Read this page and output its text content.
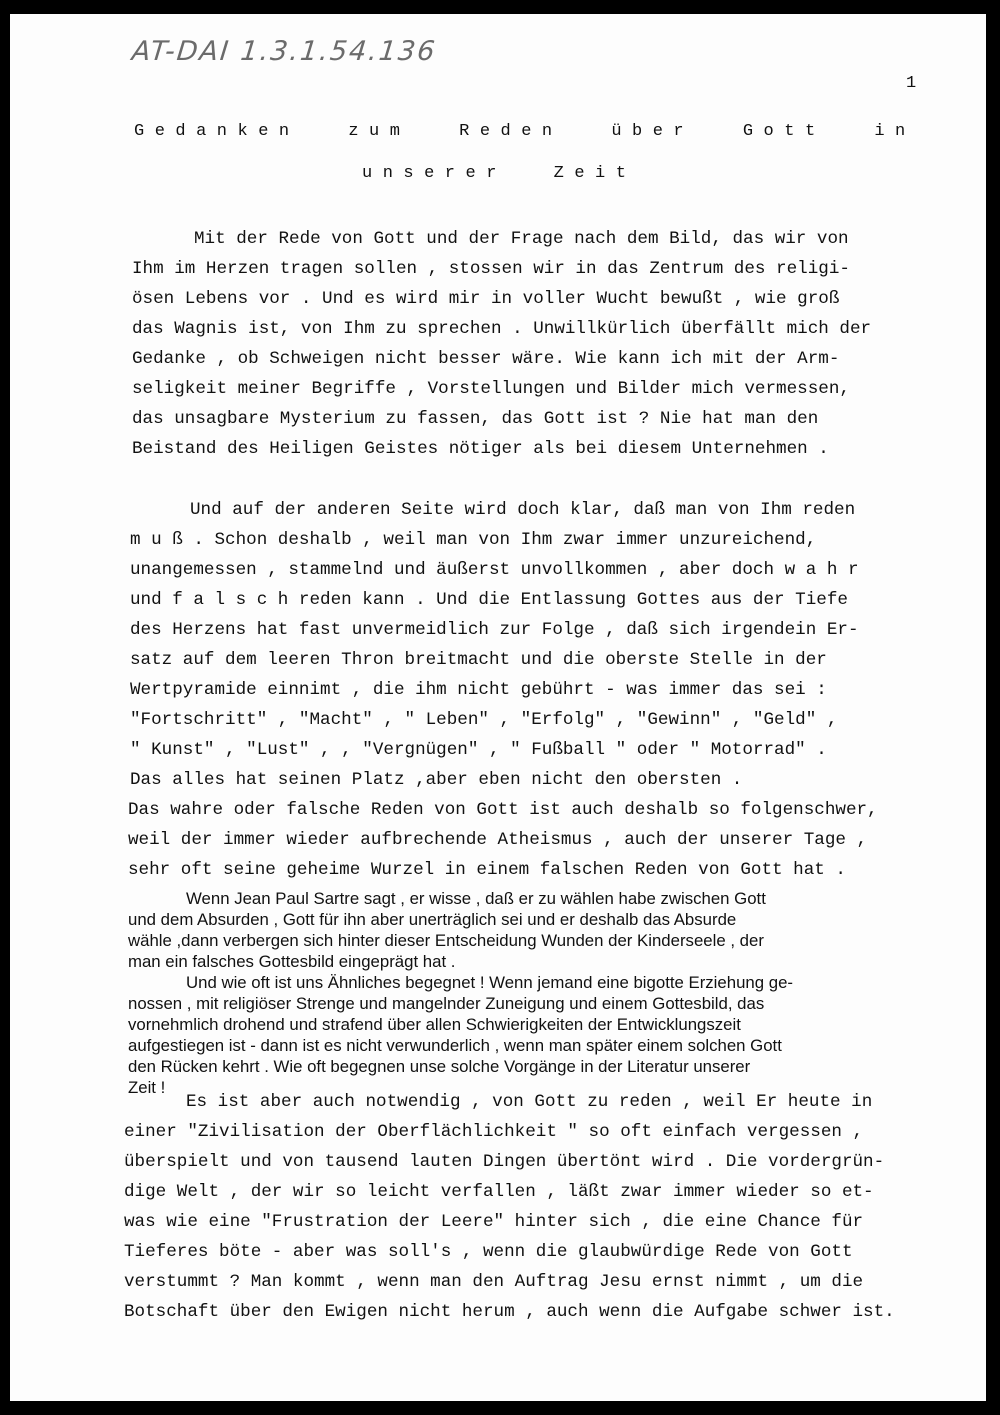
AT-DAI 1.3.1.54.136
1
Gedanken zum Reden über Gott in
unserer Zeit
Mit der Rede von Gott und der Frage nach dem Bild, das wir von
Ihm im Herzen tragen sollen , stossen wir in das Zentrum des religi-
ösen Lebens vor . Und es wird mir in voller Wucht bewußt , wie groß
das Wagnis ist, von Ihm zu sprechen . Unwillkürlich überfällt mich der
Gedanke , ob Schweigen nicht besser wäre. Wie kann ich mit der Arm-
seligkeit meiner Begriffe , Vorstellungen und Bilder mich vermessen,
das unsagbare Mysterium zu fassen, das Gott ist ? Nie hat man den
Beistand des Heiligen Geistes nötiger als bei diesem Unternehmen .
Und auf der anderen Seite wird doch klar, daß man von Ihm reden
m u ß . Schon deshalb , weil man von Ihm zwar immer unzureichend,
unangemessen , stammelnd und äußerst unvollkommen , aber doch w a h r
und f a l s c h reden kann . Und die Entlassung Gottes aus der Tiefe
des Herzens hat fast unvermeidlich zur Folge , daß sich irgendein Er-
satz auf dem leeren Thron breitmacht und die oberste Stelle in der
Wertpyramide einnimt , die ihm nicht gebührt - was immer das sei :
"Fortschritt" , "Macht" , " Leben" , "Erfolg" , "Gewinn" , "Geld" ,
" Kunst" , "Lust" , , "Vergnügen" , " Fußball " oder " Motorrad" .
Das alles hat seinen Platz ,aber eben nicht den obersten .
Das wahre oder falsche Reden von Gott ist auch deshalb so folgenschwer,
weil der immer wieder aufbrechende Atheismus , auch der unserer Tage ,
sehr oft seine geheime Wurzel in einem falschen Reden von Gott hat .
Wenn Jean Paul Sartre sagt , er wisse , daß er zu wählen habe zwischen Gott
und dem Absurden , Gott für ihn aber unerträglich sei und er deshalb das Absurde
wähle ,dann verbergen sich hinter dieser Entscheidung Wunden der Kinderseele , der
man ein falsches Gottesbild eingeprägt hat .
Und wie oft ist uns Ähnliches begegnet ! Wenn jemand eine bigotte Erziehung ge-
nossen , mit religiöser Strenge und mangelnder Zuneigung und einem Gottesbild, das
vornehmlich drohend und strafend über allen Schwierigkeiten der Entwicklungszeit
aufgestiegen ist - dann ist es nicht verwunderlich , wenn man später einem solchen Gott
den Rücken kehrt . Wie oft begegnen unse solche Vorgänge in der Literatur unserer
Zeit !
Es ist aber auch notwendig , von Gott zu reden , weil Er heute in
einer "Zivilisation der Oberflächlichkeit " so oft einfach vergessen ,
überspielt und von tausend lauten Dingen übertönt wird . Die vordergrün-
dige Welt , der wir so leicht verfallen , läßt zwar immer wieder so et-
was wie eine "Frustration der Leere" hinter sich , die eine Chance für
Tieferes böte - aber was soll's , wenn die glaubwürdige Rede von Gott
verstummt ? Man kommt , wenn man den Auftrag Jesu ernst nimmt , um die
Botschaft über den Ewigen nicht herum , auch wenn die Aufgabe schwer ist.
